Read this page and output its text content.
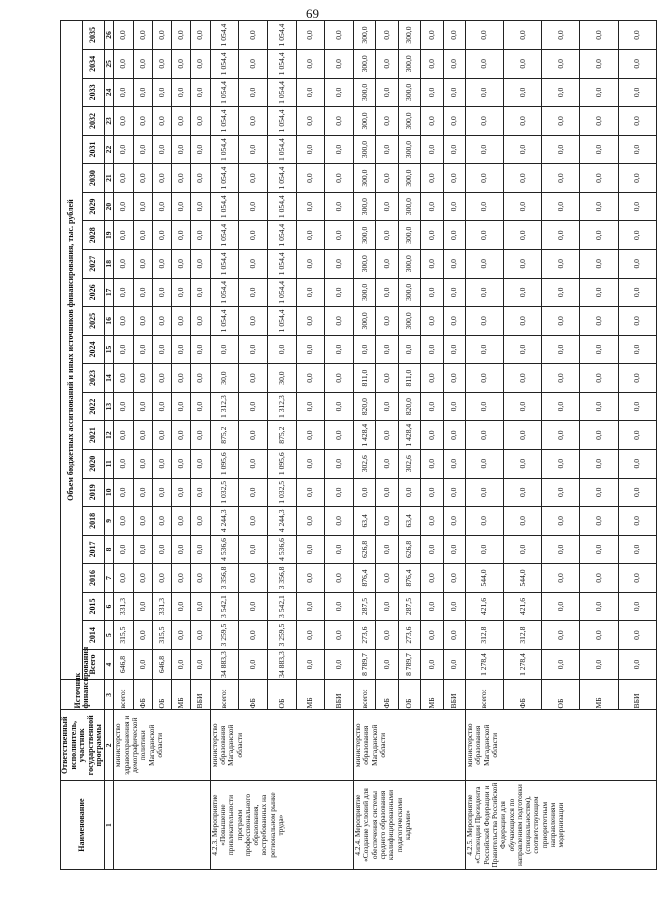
69
Наименование	Ответственный исполнитель, участник государственной программы	Источник финансирования	Объем бюджетных ассигнований и иных источников финансирования, тыс. рублей																						
			Всего	2014	2015	2016	2017	2018	2019	2020	2021	2022	2023	2024	2025	2026	2027	2028	2029	2030	2031	2032	2033	2034	2035
1	2	3	4	5	6	7	8	9	10	11	12	13	14	15	16	17	18	19	20	21	22	23	24	25	26
	министерство здравоохранения и демографической политики Магаданской области	всего:	646,8	315,5	331,3	0,0	0,0	0,0	0,0	0,0	0,0	0,0	0,0	0,0	0,0	0,0	0,0	0,0	0,0	0,0	0,0	0,0	0,0	0,0	0,0
		ФБ	0,0	0,0	0,0	0,0	0,0	0,0	0,0	0,0	0,0	0,0	0,0	0,0	0,0	0,0	0,0	0,0	0,0	0,0	0,0	0,0	0,0	0,0	0,0
		ОБ	646,8	315,5	331,3	0,0	0,0	0,0	0,0	0,0	0,0	0,0	0,0	0,0	0,0	0,0	0,0	0,0	0,0	0,0	0,0	0,0	0,0	0,0	0,0
		МБ	0,0	0,0	0,0	0,0	0,0	0,0	0,0	0,0	0,0	0,0	0,0	0,0	0,0	0,0	0,0	0,0	0,0	0,0	0,0	0,0	0,0	0,0	0,0
		ВБИ	0,0	0,0	0,0	0,0	0,0	0,0	0,0	0,0	0,0	0,0	0,0	0,0	0,0	0,0	0,0	0,0	0,0	0,0	0,0	0,0	0,0	0,0	0,0
4.2.3. Мероприятие «Повышение привлекательности программ профессионального образования, востребованных на региональном рынке труда»	министерство образования Магаданской области	всего:	34 883,3	3 259,5	3 542,1	3 356,8	4 536,6	4 244,3	1 032,5	1 095,6	875,2	1 312,3	30,0	0,0	1 054,4	1 054,4	1 054,4	1 054,4	1 054,4	1 054,4	1 054,4	1 054,4	1 054,4	1 054,4	1 054,4
		ФБ	0,0	0,0	0,0	0,0	0,0	0,0	0,0	0,0	0,0	0,0	0,0	0,0	0,0	0,0	0,0	0,0	0,0	0,0	0,0	0,0	0,0	0,0	0,0
		ОБ	34 883,3	3 259,5	3 542,1	3 356,8	4 536,6	4 244,3	1 032,5	1 095,6	875,2	1 312,3	30,0	0,0	1 054,4	1 054,4	1 054,4	1 054,4	1 054,4	1 054,4	1 054,4	1 054,4	1 054,4	1 054,4	1 054,4
		МБ	0,0	0,0	0,0	0,0	0,0	0,0	0,0	0,0	0,0	0,0	0,0	0,0	0,0	0,0	0,0	0,0	0,0	0,0	0,0	0,0	0,0	0,0	0,0
		ВБИ	0,0	0,0	0,0	0,0	0,0	0,0	0,0	0,0	0,0	0,0	0,0	0,0	0,0	0,0	0,0	0,0	0,0	0,0	0,0	0,0	0,0	0,0	0,0
4.2.4. Мероприятие «Создание условий для обеспечения системы среднего образования квалифицированными педагогическими кадрами»	министерство образования Магаданской области	всего:	8 789,7	273,6	287,5	876,4	626,8	63,4	0,0	302,6	1 428,4	820,0	811,0	0,0	300,0	300,0	300,0	300,0	300,0	300,0	300,0	300,0	300,0	300,0	300,0
		ФБ	0,0	0,0	0,0	0,0	0,0	0,0	0,0	0,0	0,0	0,0	0,0	0,0	0,0	0,0	0,0	0,0	0,0	0,0	0,0	0,0	0,0	0,0	0,0
		ОБ	8 789,7	273,6	287,5	876,4	626,8	63,4	0,0	302,6	1 428,4	820,0	811,0	0,0	300,0	300,0	300,0	300,0	300,0	300,0	300,0	300,0	300,0	300,0	300,0
		МБ	0,0	0,0	0,0	0,0	0,0	0,0	0,0	0,0	0,0	0,0	0,0	0,0	0,0	0,0	0,0	0,0	0,0	0,0	0,0	0,0	0,0	0,0	0,0
		ВБИ	0,0	0,0	0,0	0,0	0,0	0,0	0,0	0,0	0,0	0,0	0,0	0,0	0,0	0,0	0,0	0,0	0,0	0,0	0,0	0,0	0,0	0,0	0,0
4.2.5. Мероприятие «Стипендии Президента Российской Федерации и Правительства Российской Федерации для обучающихся по направлениям подготовки (специальностям), соответствующим приоритетным направлениям модернизации	министерство образования Магаданской области	всего:	1 278,4	312,8	421,6	544,0	0,0	0,0	0,0	0,0	0,0	0,0	0,0	0,0	0,0	0,0	0,0	0,0	0,0	0,0	0,0	0,0	0,0	0,0	0,0
		ФБ	1 278,4	312,8	421,6	544,0	0,0	0,0	0,0	0,0	0,0	0,0	0,0	0,0	0,0	0,0	0,0	0,0	0,0	0,0	0,0	0,0	0,0	0,0	0,0
		ОБ	0,0	0,0	0,0	0,0	0,0	0,0	0,0	0,0	0,0	0,0	0,0	0,0	0,0	0,0	0,0	0,0	0,0	0,0	0,0	0,0	0,0	0,0	0,0
		МБ	0,0	0,0	0,0	0,0	0,0	0,0	0,0	0,0	0,0	0,0	0,0	0,0	0,0	0,0	0,0	0,0	0,0	0,0	0,0	0,0	0,0	0,0	0,0
		ВБИ	0,0	0,0	0,0	0,0	0,0	0,0	0,0	0,0	0,0	0,0	0,0	0,0	0,0	0,0	0,0	0,0	0,0	0,0	0,0	0,0	0,0	0,0	0,0
